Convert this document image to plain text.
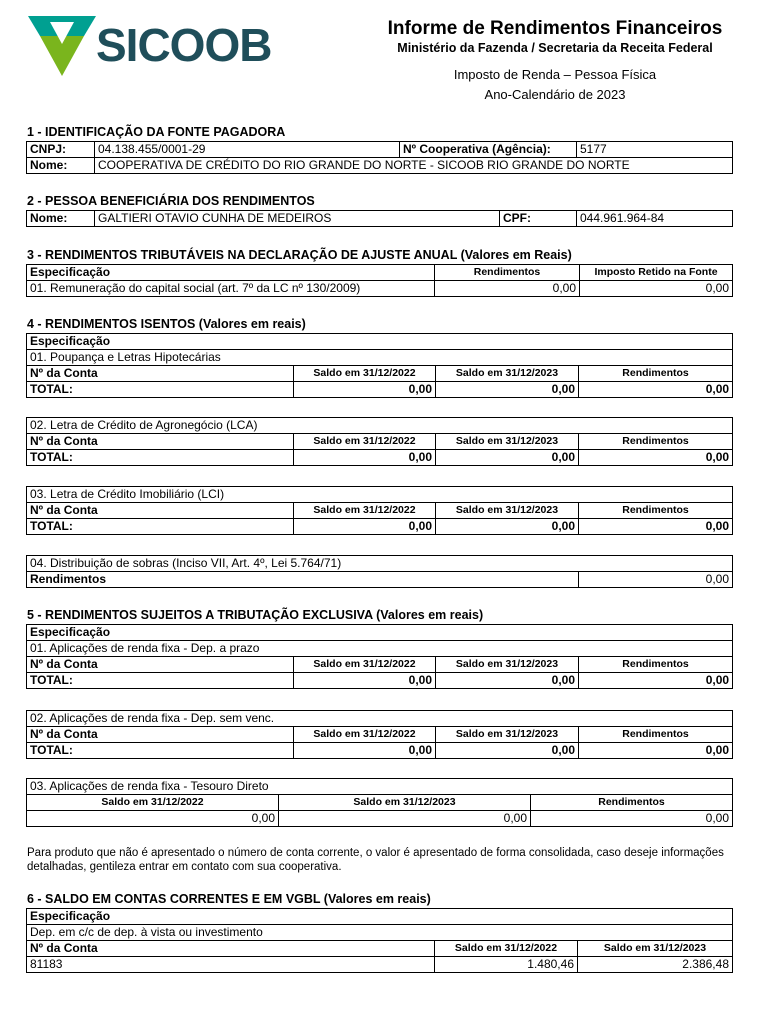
SICOOB	Informe de Rendimentos Financeiros
Ministério da Fazenda / Secretaria da Receita Federal
Imposto de Renda – Pessoa Física
Ano-Calendário de 2023
1 - IDENTIFICAÇÃO DA FONTE PAGADORA
CNPJ:	04.138.455/0001-29	Nº Cooperativa (Agência):	5177
Nome:	COOPERATIVA DE CRÉDITO DO RIO GRANDE DO NORTE - SICOOB RIO GRANDE DO NORTE		
2 - PESSOA BENEFICIÁRIA DOS RENDIMENTOS
Nome:	GALTIERI OTAVIO CUNHA DE MEDEIROS	CPF:	044.961.964-84
3 - RENDIMENTOS TRIBUTÁVEIS NA DECLARAÇÃO DE AJUSTE ANUAL (Valores em Reais)
Especificação	Rendimentos	Imposto Retido na Fonte
01. Remuneração do capital social (art. 7º da LC nº 130/2009)	0,00	0,00
4 - RENDIMENTOS ISENTOS (Valores em reais)
Especificação			
01. Poupança e Letras Hipotecárias			
Nº da Conta	Saldo em 31/12/2022	Saldo em 31/12/2023	Rendimentos
TOTAL:	0,00	0,00	0,00
02. Letra de Crédito de Agronegócio (LCA)			
Nº da Conta	Saldo em 31/12/2022	Saldo em 31/12/2023	Rendimentos
TOTAL:	0,00	0,00	0,00
03. Letra de Crédito Imobiliário (LCI)			
Nº da Conta	Saldo em 31/12/2022	Saldo em 31/12/2023	Rendimentos
TOTAL:	0,00	0,00	0,00
04. Distribuição de sobras (Inciso VII, Art. 4º, Lei 5.764/71)
Rendimentos	0,00
5 - RENDIMENTOS SUJEITOS A TRIBUTAÇÃO EXCLUSIVA (Valores em reais)
Especificação			
01. Aplicações de renda fixa - Dep. a prazo			
Nº da Conta	Saldo em 31/12/2022	Saldo em 31/12/2023	Rendimentos
TOTAL:	0,00	0,00	0,00
02. Aplicações de renda fixa - Dep. sem venc.			
Nº da Conta	Saldo em 31/12/2022	Saldo em 31/12/2023	Rendimentos
TOTAL:	0,00	0,00	0,00
03. Aplicações de renda fixa - Tesouro Direto		
Saldo em 31/12/2022	Saldo em 31/12/2023	Rendimentos
0,00	0,00	0,00
Para produto que não é apresentado o número de conta corrente, o valor é apresentado de forma consolidada, caso deseje informações detalhadas, gentileza entrar em contato com sua cooperativa.
6 - SALDO EM CONTAS CORRENTES E EM VGBL (Valores em reais)
Especificação		
Dep. em c/c de dep. à vista ou investimento		
Nº da Conta	Saldo em 31/12/2022	Saldo em 31/12/2023
81183	1.480,46	2.386,48
